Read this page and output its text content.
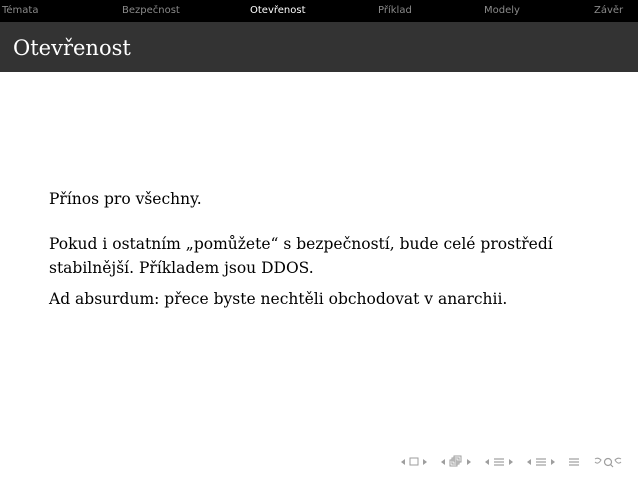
Témata	Bezpečnost	Otevřenost	Příklad	Modely	Závěr
Otevřenost

Přínos pro všechny.

Pokud i ostatním „pomůžete“ s bezpečností, bude celé prostředí stabilnější. Příkladem jsou DDOS.

Ad absurdum: přece byste nechtěli obchodovat v anarchii.
